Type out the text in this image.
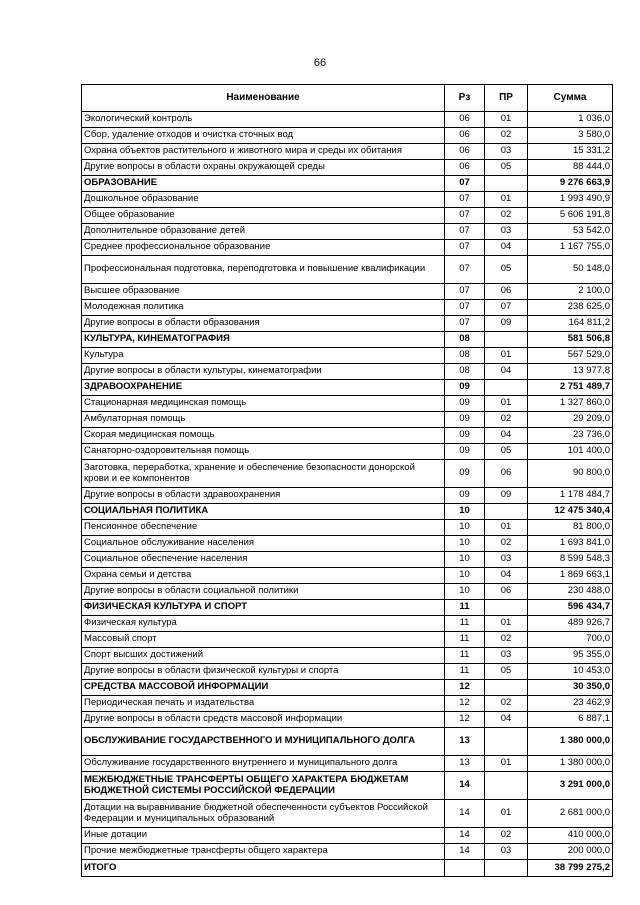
66
Наименование	Рз	ПР	Сумма
Экологический контроль	06	01	1 036,0
Сбор, удаление отходов и очистка сточных вод	06	02	3 580,0
Охрана объектов растительного и животного мира и среды их обитания	06	03	15 331,2
Другие вопросы в области охраны окружающей среды	06	05	88 444,0
ОБРАЗОВАНИЕ	07		9 276 663,9
Дошкольное образование	07	01	1 993 490,9
Общее образование	07	02	5 606 191,8
Дополнительное образование детей	07	03	53 542,0
Среднее профессиональное образование	07	04	1 167 755,0
Профессиональная подготовка, переподготовка и повышение квалификации	07	05	50 148,0
Высшее образование	07	06	2 100,0
Молодежная политика	07	07	238 625,0
Другие вопросы в области образования	07	09	164 811,2
КУЛЬТУРА, КИНЕМАТОГРАФИЯ	08		581 506,8
Культура	08	01	567 529,0
Другие вопросы в области культуры, кинематографии	08	04	13 977,8
ЗДРАВООХРАНЕНИЕ	09		2 751 489,7
Стационарная медицинская помощь	09	01	1 327 860,0
Амбулаторная помощь	09	02	29 209,0
Скорая медицинская помощь	09	04	23 736,0
Санаторно-оздоровительная помощь	09	05	101 400,0
Заготовка, переработка, хранение и обеспечение безопасности донорской крови и ее компонентов	09	06	90 800,0
Другие вопросы в области здравоохранения	09	09	1 178 484,7
СОЦИАЛЬНАЯ ПОЛИТИКА	10		12 475 340,4
Пенсионное обеспечение	10	01	81 800,0
Социальное обслуживание населения	10	02	1 693 841,0
Социальное обеспечение населения	10	03	8 599 548,3
Охрана семьи и детства	10	04	1 869 663,1
Другие вопросы в области социальной политики	10	06	230 488,0
ФИЗИЧЕСКАЯ КУЛЬТУРА И СПОРТ	11		596 434,7
Физическая культура	11	01	489 926,7
Массовый спорт	11	02	700,0
Спорт высших достижений	11	03	95 355,0
Другие вопросы в области физической культуры и спорта	11	05	10 453,0
СРЕДСТВА МАССОВОЙ ИНФОРМАЦИИ	12		30 350,0
Периодическая печать и издательства	12	02	23 462,9
Другие вопросы в области средств массовой информации	12	04	6 887,1
ОБСЛУЖИВАНИЕ ГОСУДАРСТВЕННОГО И МУНИЦИПАЛЬНОГО ДОЛГА	13		1 380 000,0
Обслуживание государственного внутреннего и муниципального долга	13	01	1 380 000,0
МЕЖБЮДЖЕТНЫЕ ТРАНСФЕРТЫ ОБЩЕГО ХАРАКТЕРА БЮДЖЕТАМ БЮДЖЕТНОЙ СИСТЕМЫ РОССИЙСКОЙ ФЕДЕРАЦИИ	14		3 291 000,0
Дотации на выравнивание бюджетной обеспеченности субъектов Российской Федерации и муниципальных образований	14	01	2 681 000,0
Иные дотации	14	02	410 000,0
Прочие межбюджетные трансферты общего характера	14	03	200 000,0
ИТОГО			38 799 275,2
